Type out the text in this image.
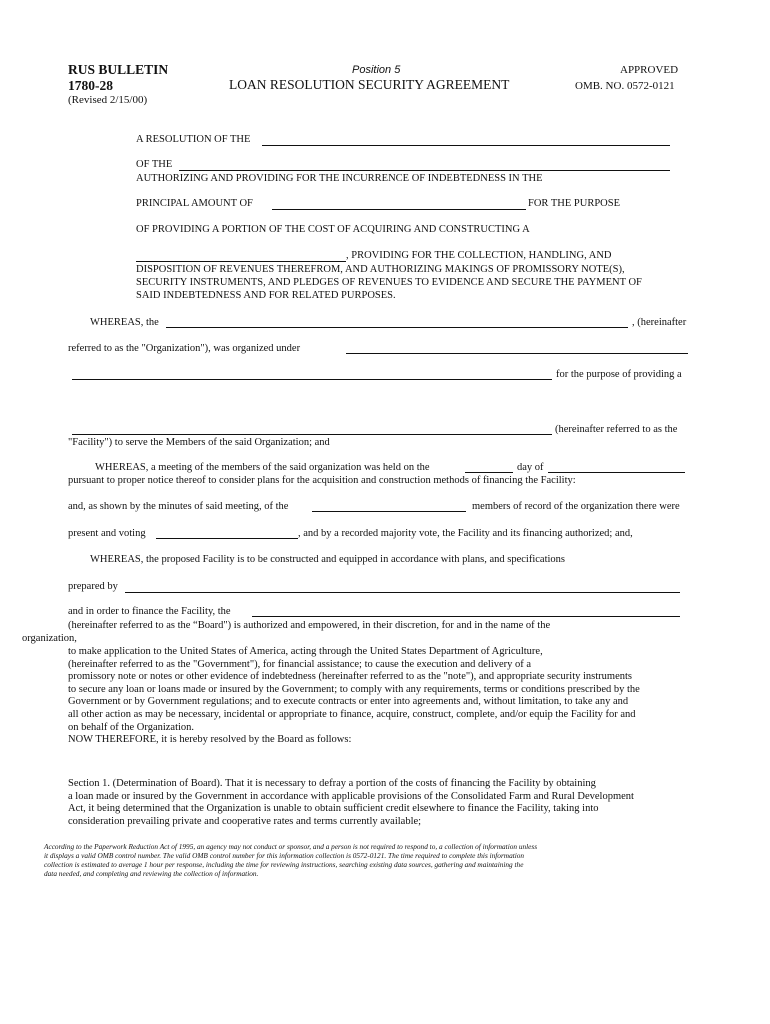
RUS BULLETIN
1780-28
(Revised 2/15/00)
Position 5
LOAN RESOLUTION SECURITY AGREEMENT
APPROVED
OMB. NO. 0572-0121
A RESOLUTION OF THE
OF THE
AUTHORIZING AND PROVIDING FOR THE INCURRENCE OF INDEBTEDNESS IN THE
PRINCIPAL AMOUNT OF	FOR THE PURPOSE
OF PROVIDING A PORTION OF THE COST OF ACQUIRING AND CONSTRUCTING A
, PROVIDING FOR THE COLLECTION, HANDLING, AND
DISPOSITION OF REVENUES THEREFROM, AND AUTHORIZING MAKINGS OF PROMISSORY NOTE(S),
SECURITY INSTRUMENTS, AND PLEDGES OF REVENUES TO EVIDENCE AND SECURE THE PAYMENT OF
SAID INDEBTEDNESS AND FOR RELATED PURPOSES.
WHEREAS, the	, (hereinafter
referred to as the "Organization"), was organized under
for the purpose of providing a
(hereinafter referred to as the
"Facility") to serve the Members of the said Organization; and
WHEREAS, a meeting of the members of the said organization was held on the	day of
pursuant to proper notice thereof to consider plans for the acquisition and construction methods of financing the Facility:
and, as shown by the minutes of said meeting, of the	members of record of the organization there were
present and voting	, and by a recorded majority vote, the Facility and its financing authorized; and,
WHEREAS, the proposed Facility is to be constructed and equipped in accordance with plans, and specifications
prepared by
and in order to finance the Facility, the
(hereinafter referred to as the “Board") is authorized and empowered, in their discretion, for and in the name of the
organization,
to make application to the United States of America, acting through the United States Department of Agriculture,
(hereinafter referred to as the "Government"), for financial assistance; to cause the execution and delivery of a
promissory note or notes or other evidence of indebtedness (hereinafter referred to as the "note"), and appropriate security instruments
to secure any loan or loans made or insured by the Government; to comply with any requirements, terms or conditions prescribed by the
Government or by Government regulations; and to execute contracts or enter into agreements and, without limitation, to take any and
all other action as may be necessary, incidental or appropriate to finance, acquire, construct, complete, and/or equip the Facility for and
on behalf of the Organization.
NOW THEREFORE, it is hereby resolved by the Board as follows:
Section 1. (Determination of Board). That it is necessary to defray a portion of the costs of financing the Facility by obtaining
a loan made or insured by the Government in accordance with applicable provisions of the Consolidated Farm and Rural Development
Act, it being determined that the Organization is unable to obtain sufficient credit elsewhere to finance the Facility, taking into
consideration prevailing private and cooperative rates and terms currently available;
According to the Paperwork Reduction Act of 1995, an agency may not conduct or sponsor, and a person is not required to respond to, a collection of information unless
it displays a valid OMB control number. The valid OMB control number for this information collection is 0572-0121. The time required to complete this information
collection is estimated to average 1 hour per response, including the time for reviewing instructions, searching existing data sources, gathering and maintaining the
data needed, and completing and reviewing the collection of information.
